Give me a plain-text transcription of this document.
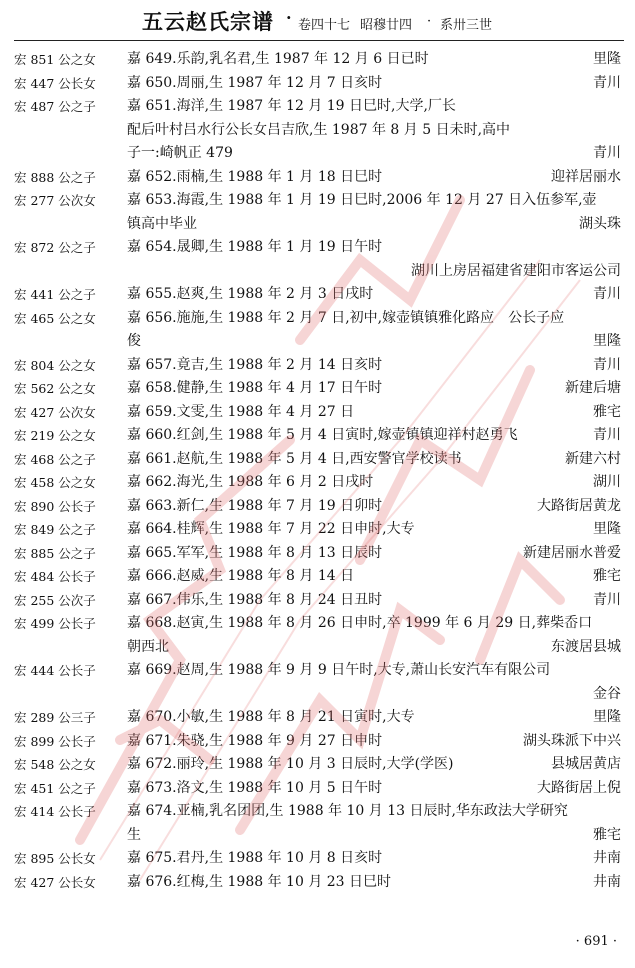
五云赵氏宗谱 · 卷四十七 昭穆廿四 · 系卅三世
宏 851 公之女	嘉 649.乐韵,乳名君,生 1987 年 12 月 6 日已时	里隆
宏 447 公长女	嘉 650.周丽,生 1987 年 12 月 7 日亥时	青川
宏 487 公之子	嘉 651.海洋,生 1987 年 12 月 19 日巳时,大学,厂长
配后叶村吕水行公长女吕吉欣,生 1987 年 8 月 5 日未时,高中
子一:崎帆正 479	青川
宏 888 公之子	嘉 652.雨楠,生 1988 年 1 月 18 日巳时	迎祥居丽水
宏 277 公次女	嘉 653.海霞,生 1988 年 1 月 19 日巳时,2006 年 12 月 27 日入伍参军,壶
镇高中毕业	湖头珠
宏 872 公之子	嘉 654.晟卿,生 1988 年 1 月 19 日午时
湖川上房居福建省建阳市客运公司
宏 441 公之子	嘉 655.赵爽,生 1988 年 2 月 3 日戌时	青川
宏 465 公之女	嘉 656.施施,生 1988 年 2 月 7 日,初中,嫁壶镇镇雅化路应　公长子应
俊	里隆
宏 804 公之女	嘉 657.竟吉,生 1988 年 2 月 14 日亥时	青川
宏 562 公之女	嘉 658.健静,生 1988 年 4 月 17 日午时	新建后塘
宏 427 公次女	嘉 659.文雯,生 1988 年 4 月 27 日	雅宅
宏 219 公之女	嘉 660.红剑,生 1988 年 5 月 4 日寅时,嫁壶镇镇迎祥村赵勇飞	青川
宏 468 公之子	嘉 661.赵航,生 1988 年 5 月 4 日,西安警官学校读书	新建六村
宏 458 公之女	嘉 662.海光,生 1988 年 6 月 2 日戌时	湖川
宏 890 公长子	嘉 663.新仁,生 1988 年 7 月 19 日卯时	大路街居黄龙
宏 849 公之子	嘉 664.桂辉,生 1988 年 7 月 22 日申时,大专	里隆
宏 885 公之子	嘉 665.军军,生 1988 年 8 月 13 日辰时	新建居丽水普爱
宏 484 公长子	嘉 666.赵威,生 1988 年 8 月 14 日	雅宅
宏 255 公次子	嘉 667.伟乐,生 1988 年 8 月 24 日丑时	青川
宏 499 公长子	嘉 668.赵寅,生 1988 年 8 月 26 日申时,卒 1999 年 6 月 29 日,葬柴岙口
朝西北	东渡居县城
宏 444 公长子	嘉 669.赵周,生 1988 年 9 月 9 日午时,大专,萧山长安汽车有限公司
金谷
宏 289 公三子	嘉 670.小敏,生 1988 年 8 月 21 日寅时,大专	里隆
宏 899 公长子	嘉 671.朱骁,生 1988 年 9 月 27 日申时	湖头珠派下中兴
宏 548 公之女	嘉 672.丽玲,生 1988 年 10 月 3 日辰时,大学(学医)	县城居黄店
宏 451 公之子	嘉 673.洛文,生 1988 年 10 月 5 日午时	大路街居上倪
宏 414 公长子	嘉 674.亚楠,乳名团团,生 1988 年 10 月 13 日辰时,华东政法大学研究
生	雅宅
宏 895 公长女	嘉 675.君丹,生 1988 年 10 月 8 日亥时	井南
宏 427 公长女	嘉 676.红梅,生 1988 年 10 月 23 日巳时	井南
· 691 ·
